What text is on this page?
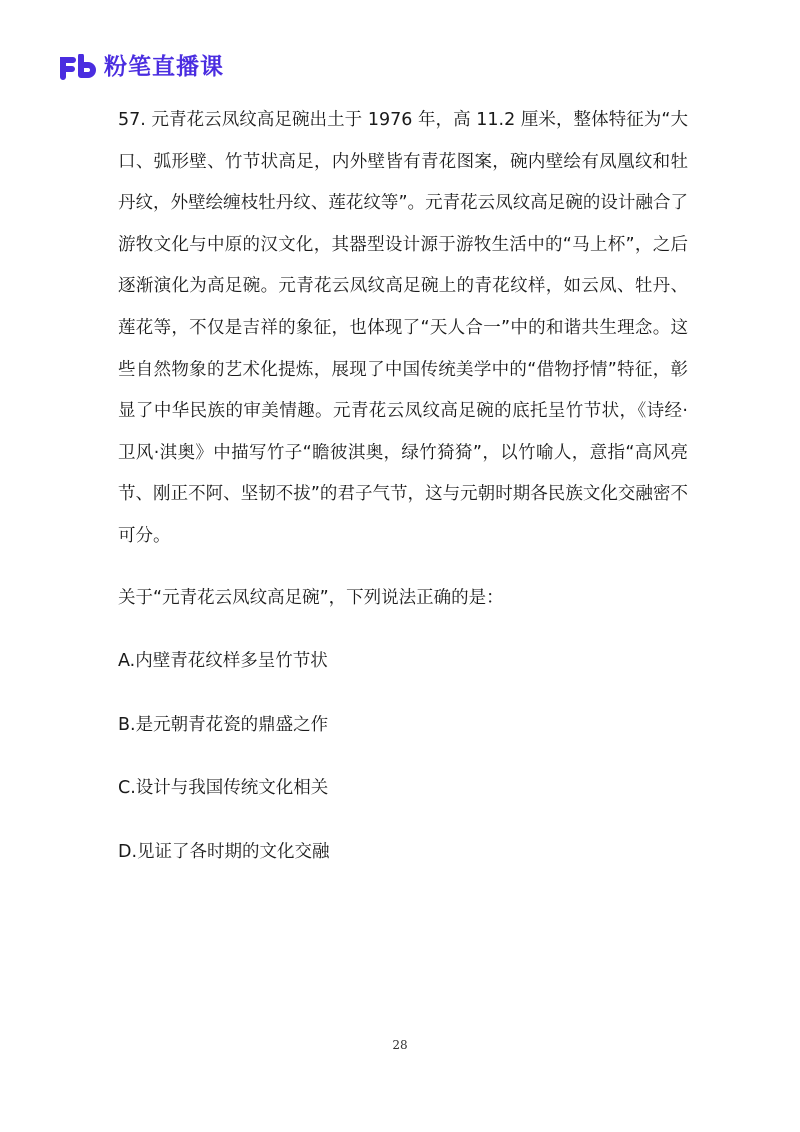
粉笔直播课

57. 元青花云凤纹高足碗出土于 1976 年，高 11.2 厘米，整体特征为“大口、弧形壁、竹节状高足，内外壁皆有青花图案，碗内壁绘有凤凰纹和牡丹纹，外壁绘缠枝牡丹纹、莲花纹等”。元青花云凤纹高足碗的设计融合了游牧文化与中原的汉文化，其器型设计源于游牧生活中的“马上杯”，之后逐渐演化为高足碗。元青花云凤纹高足碗上的青花纹样，如云凤、牡丹、莲花等，不仅是吉祥的象征，也体现了“天人合一”中的和谐共生理念。这些自然物象的艺术化提炼，展现了中国传统美学中的“借物抒情”特征，彰显了中华民族的审美情趣。元青花云凤纹高足碗的底托呈竹节状，《诗经·卫风·淇奥》中描写竹子“瞻彼淇奥，绿竹猗猗”，以竹喻人，意指“高风亮节、刚正不阿、坚韧不拔”的君子气节，这与元朝时期各民族文化交融密不可分。

关于“元青花云凤纹高足碗”，下列说法正确的是：
A.内壁青花纹样多呈竹节状
B.是元朝青花瓷的鼎盛之作
C.设计与我国传统文化相关
D.见证了各时期的文化交融
28
